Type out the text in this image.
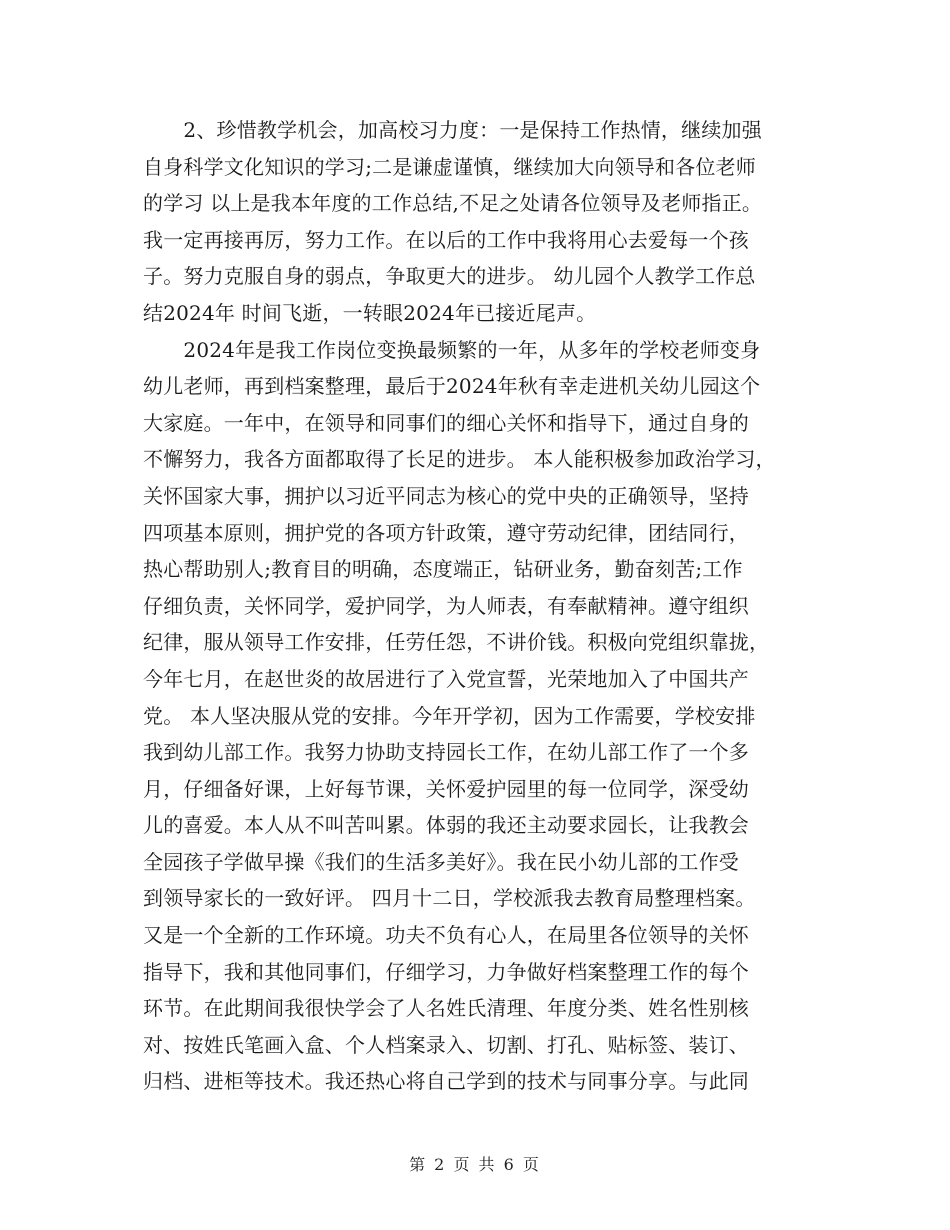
　　2、珍惜教学机会，加高校习力度：一是保持工作热情，继续加强
自身科学文化知识的学习;二是谦虚谨慎，继续加大向领导和各位老师
的学习 以上是我本年度的工作总结,不足之处请各位领导及老师指正。
我一定再接再厉，努力工作。在以后的工作中我将用心去爱每一个孩
子。努力克服自身的弱点，争取更大的进步。 幼儿园个人教学工作总
结2024年 时间飞逝，一转眼2024年已接近尾声。
　　2024年是我工作岗位变换最频繁的一年，从多年的学校老师变身
幼儿老师，再到档案整理，最后于2024年秋有幸走进机关幼儿园这个
大家庭。一年中，在领导和同事们的细心关怀和指导下，通过自身的
不懈努力，我各方面都取得了长足的进步。 本人能积极参加政治学习，
关怀国家大事，拥护以习近平同志为核心的党中央的正确领导，坚持
四项基本原则，拥护党的各项方针政策，遵守劳动纪律，团结同行，
热心帮助别人;教育目的明确，态度端正，钻研业务，勤奋刻苦;工作
仔细负责，关怀同学，爱护同学，为人师表，有奉献精神。遵守组织
纪律，服从领导工作安排，任劳任怨，不讲价钱。积极向党组织靠拢，
今年七月，在赵世炎的故居进行了入党宣誓，光荣地加入了中国共产
党。 本人坚决服从党的安排。今年开学初，因为工作需要，学校安排
我到幼儿部工作。我努力协助支持园长工作，在幼儿部工作了一个多
月，仔细备好课，上好每节课，关怀爱护园里的每一位同学，深受幼
儿的喜爱。本人从不叫苦叫累。体弱的我还主动要求园长，让我教会
全园孩子学做早操《我们的生活多美好》。我在民小幼儿部的工作受
到领导家长的一致好评。 四月十二日，学校派我去教育局整理档案。
又是一个全新的工作环境。功夫不负有心人，在局里各位领导的关怀
指导下，我和其他同事们，仔细学习，力争做好档案整理工作的每个
环节。在此期间我很快学会了人名姓氏清理、年度分类、姓名性别核
对、按姓氏笔画入盒、个人档案录入、切割、打孔、贴标签、装订、
归档、进柜等技术。我还热心将自己学到的技术与同事分享。与此同
第 2 页 共 6 页
